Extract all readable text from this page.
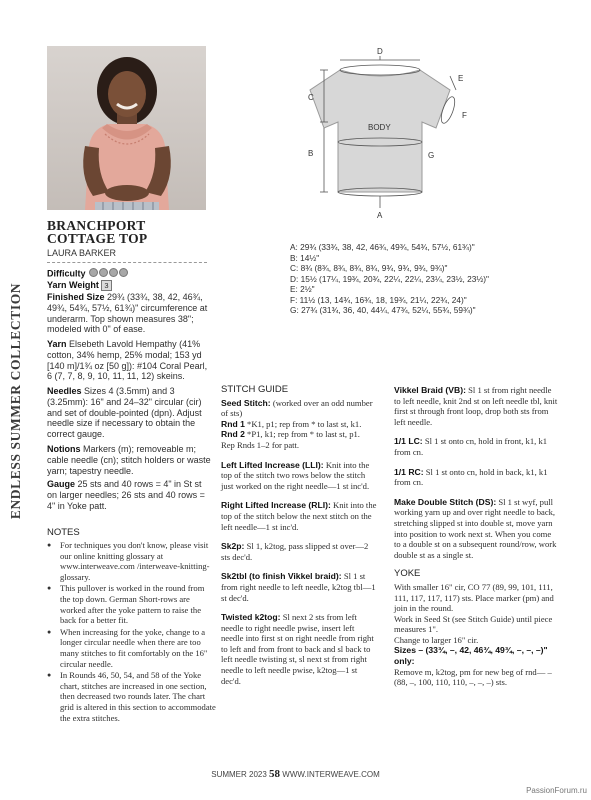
ENDLESS SUMMER COLLECTION
BRANCHPORT COTTAGE TOP
LAURA BARKER
Difficulty
Yarn Weight 3
Finished Size 29¾ (33¾, 38, 42, 46¾, 49¾, 54¾, 57½, 61¾)" circumference at underarm. Top shown measures 38"; modeled with 0" of ease.
Yarn Elsebeth Lavold Hempathy (41% cotton, 34% hemp, 25% modal; 153 yd [140 m]/1¾ oz [50 g]): #104 Coral Pearl, 6 (7, 7, 8, 9, 10, 11, 11, 12) skeins.
Needles Sizes 4 (3.5mm) and 3 (3.25mm): 16" and 24–32" circular (cir) and set of double-pointed (dpn). Adjust needle size if necessary to obtain the correct gauge.
Notions Markers (m); removeable m; cable needle (cn); stitch holders or waste yarn; tapestry needle.
Gauge 25 sts and 40 rows = 4" in St st on larger needles; 26 sts and 40 rows = 4" in Yoke patt.
NOTES
● For techniques you don't know, please visit our online knitting glossary at www.interweave.com /interweave-knitting-glossary.
● This pullover is worked in the round from the top down. German Short-rows are worked after the yoke pattern to raise the back for a better fit.
● When increasing for the yoke, change to a longer circular needle when there are too many stitches to fit comfortably on the 16" circular needle.
● In Rounds 46, 50, 54, and 58 of the Yoke chart, stitches are increased in one section, then decreased two rounds later. The chart grid is altered in this section to accommodate the extra stitches.
D
E
C
F
BODY
B	G
A
A: 29¾ (33¾, 38, 42, 46¾, 49¾, 54¾, 57½, 61¾)"
B: 14½"
C: 8¾ (8¾, 8¾, 8¾, 8¾, 9¾, 9¾, 9¾, 9¾)"
D: 15½ (17¼, 19¾, 20¾, 22¼, 22¼, 23¼, 23½, 23½)"
E: 2½"
F: 11½ (13, 14¾, 16¾, 18, 19¾, 21¼, 22¾, 24)"
G: 27¾ (31¾, 36, 40, 44¼, 47¾, 52¼, 55¾, 59¾)"
STITCH GUIDE
Seed Stitch: (worked over an odd number of sts)
Rnd 1 *K1, p1; rep from * to last st, k1.
Rnd 2 *P1, k1; rep from * to last st, p1.
Rep Rnds 1–2 for patt.
Left Lifted Increase (LLI): Knit into the top of the stitch two rows below the stitch just worked on the right needle—1 st inc'd.
Right Lifted Increase (RLI): Knit into the top of the stitch below the next stitch on the left needle—1 st inc'd.
Sk2p: Sl 1, k2tog, pass slipped st over—2 sts dec'd.
Sk2tbl (to finish Vikkel braid): Sl 1 st from right needle to left needle, k2tog tbl—1 st dec'd.
Twisted k2tog: Sl next 2 sts from left needle to right needle pwise, insert left needle into first st on right needle from right to left and from front to back and sl back to left needle twisting st, sl next st from right needle to left needle pwise, k2tog—1 st dec'd.
Vikkel Braid (VB): Sl 1 st from right needle to left needle, knit 2nd st on left needle tbl, knit first st through front loop, drop both sts from left needle.
1/1 LC: Sl 1 st onto cn, hold in front, k1, k1 from cn.
1/1 RC: Sl 1 st onto cn, hold in back, k1, k1 from cn.
Make Double Stitch (DS): Sl 1 st wyf, pull working yarn up and over right needle to back, stretching slipped st into double st, move yarn into position to work next st. When you come to a double st on a subsequent round/row, work double st as a single st.
YOKE
With smaller 16" cir, CO 77 (89, 99, 101, 111, 111, 117, 117, 117) sts. Place marker (pm) and join in the round.
Work in Seed St (see Stitch Guide) until piece measures 1".
Change to larger 16" cir.
Sizes – (33¾, –, 42, 46¾, 49¾, –, –, –)" only:
Remove m, k2tog, pm for new beg of rnd— – (88, –, 100, 110, 110, –, –, –) sts.
SUMMER 2023 58 WWW.INTERWEAVE.COM
PassionForum.ru
